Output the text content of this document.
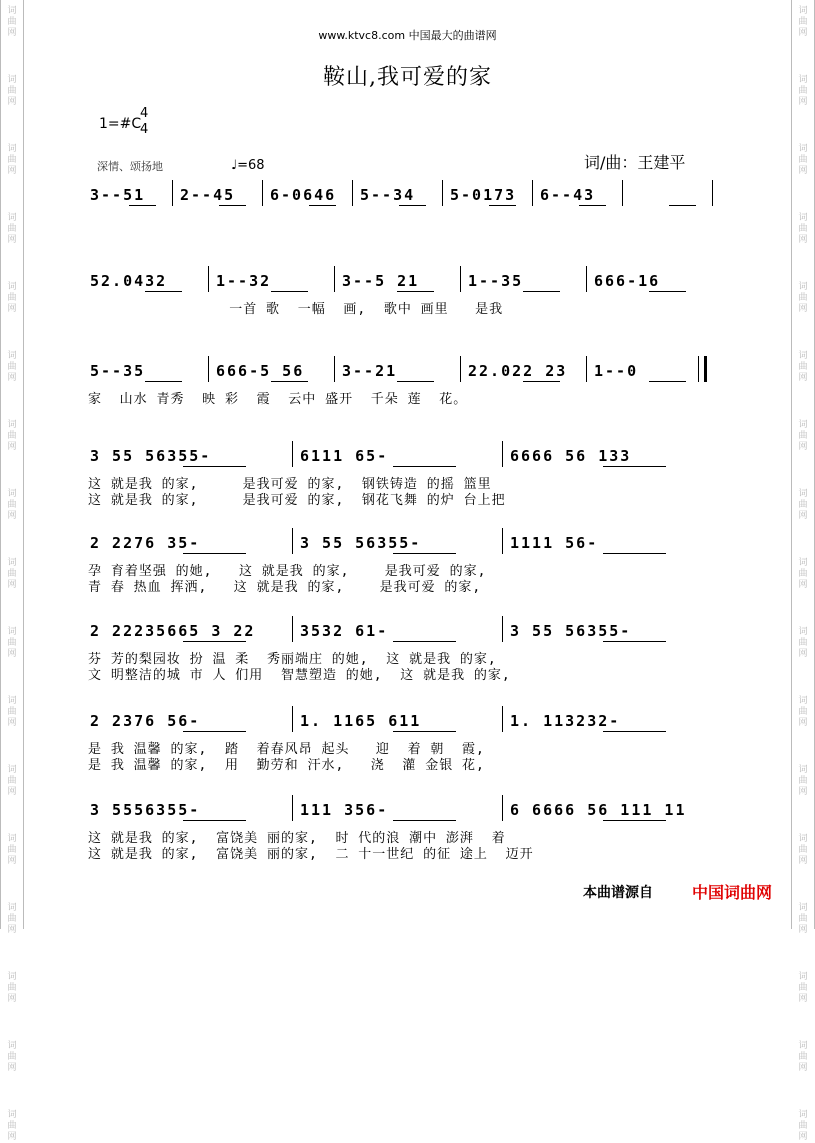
词
曲
网
词
曲
网
词
曲
网
词
曲
网
词
曲
网
词
曲
网
词
曲
网
词
曲
网
词
曲
网
词
曲
网
词
曲
网
词
曲
网
词
曲
网
词
曲
网
词
曲
网
词
曲
网
词
曲
网
词
曲
网
词
曲
网
词
曲
网
词
曲
网
词
曲
网
词
曲
网
词
曲
网
词
曲
网
词
曲
网
词
曲
网
词
曲
网
词
曲
网
词
曲
网
词
曲
网
词
曲
网
词
曲
网
词
曲
网
www.ktvc8.com 中国最大的曲谱网
鞍山,我可爱的家
1=#C
4
4
深情、颂扬地	♩=68	词/曲：王建平
3--51 2--45 6-0646 5--34 5-0173 6--43
52.0432	1--32	3--5 21	1--35	666-16
一首 歌  一幅  画,  歌中 画里   是我
5--35	666-5 56	3--21	22.022 23 1--0
家  山水 青秀  映 彩  霞  云中 盛开  千朵 莲  花。
3 55 56355-	6111 65-	6666 56 133
这 就是我 的家,     是我可爱 的家,  钢铁铸造 的摇 篮里
这 就是我 的家,     是我可爱 的家,  钢花飞舞 的炉 台上把
2 2276 35-	3 55 56355-	1111 56-
孕 育着坚强 的她,   这 就是我 的家,    是我可爱 的家,
青 春 热血 挥洒,   这 就是我 的家,    是我可爱 的家,
2 22235665 3 22	3532 61-	3 55 56355-
芬 芳的梨园妆 扮 温 柔  秀丽端庄 的她,  这 就是我 的家,
文 明整洁的城 市 人 们用  智慧塑造 的她,  这 就是我 的家,
2 2376 56-	1. 1165 611	1. 113232-
是 我 温馨 的家,  踏  着春风昂 起头   迎  着 朝  霞,
是 我 温馨 的家,  用  勤劳和 汗水,   浇  灌 金银 花,
3 5556355-	111 356-	6 6666 56 111 11
这 就是我 的家,  富饶美 丽的家,  时 代的浪 潮中 澎湃  着
这 就是我 的家,  富饶美 丽的家,  二 十一世纪 的征 途上  迈开
本曲谱源自 中国词曲网
